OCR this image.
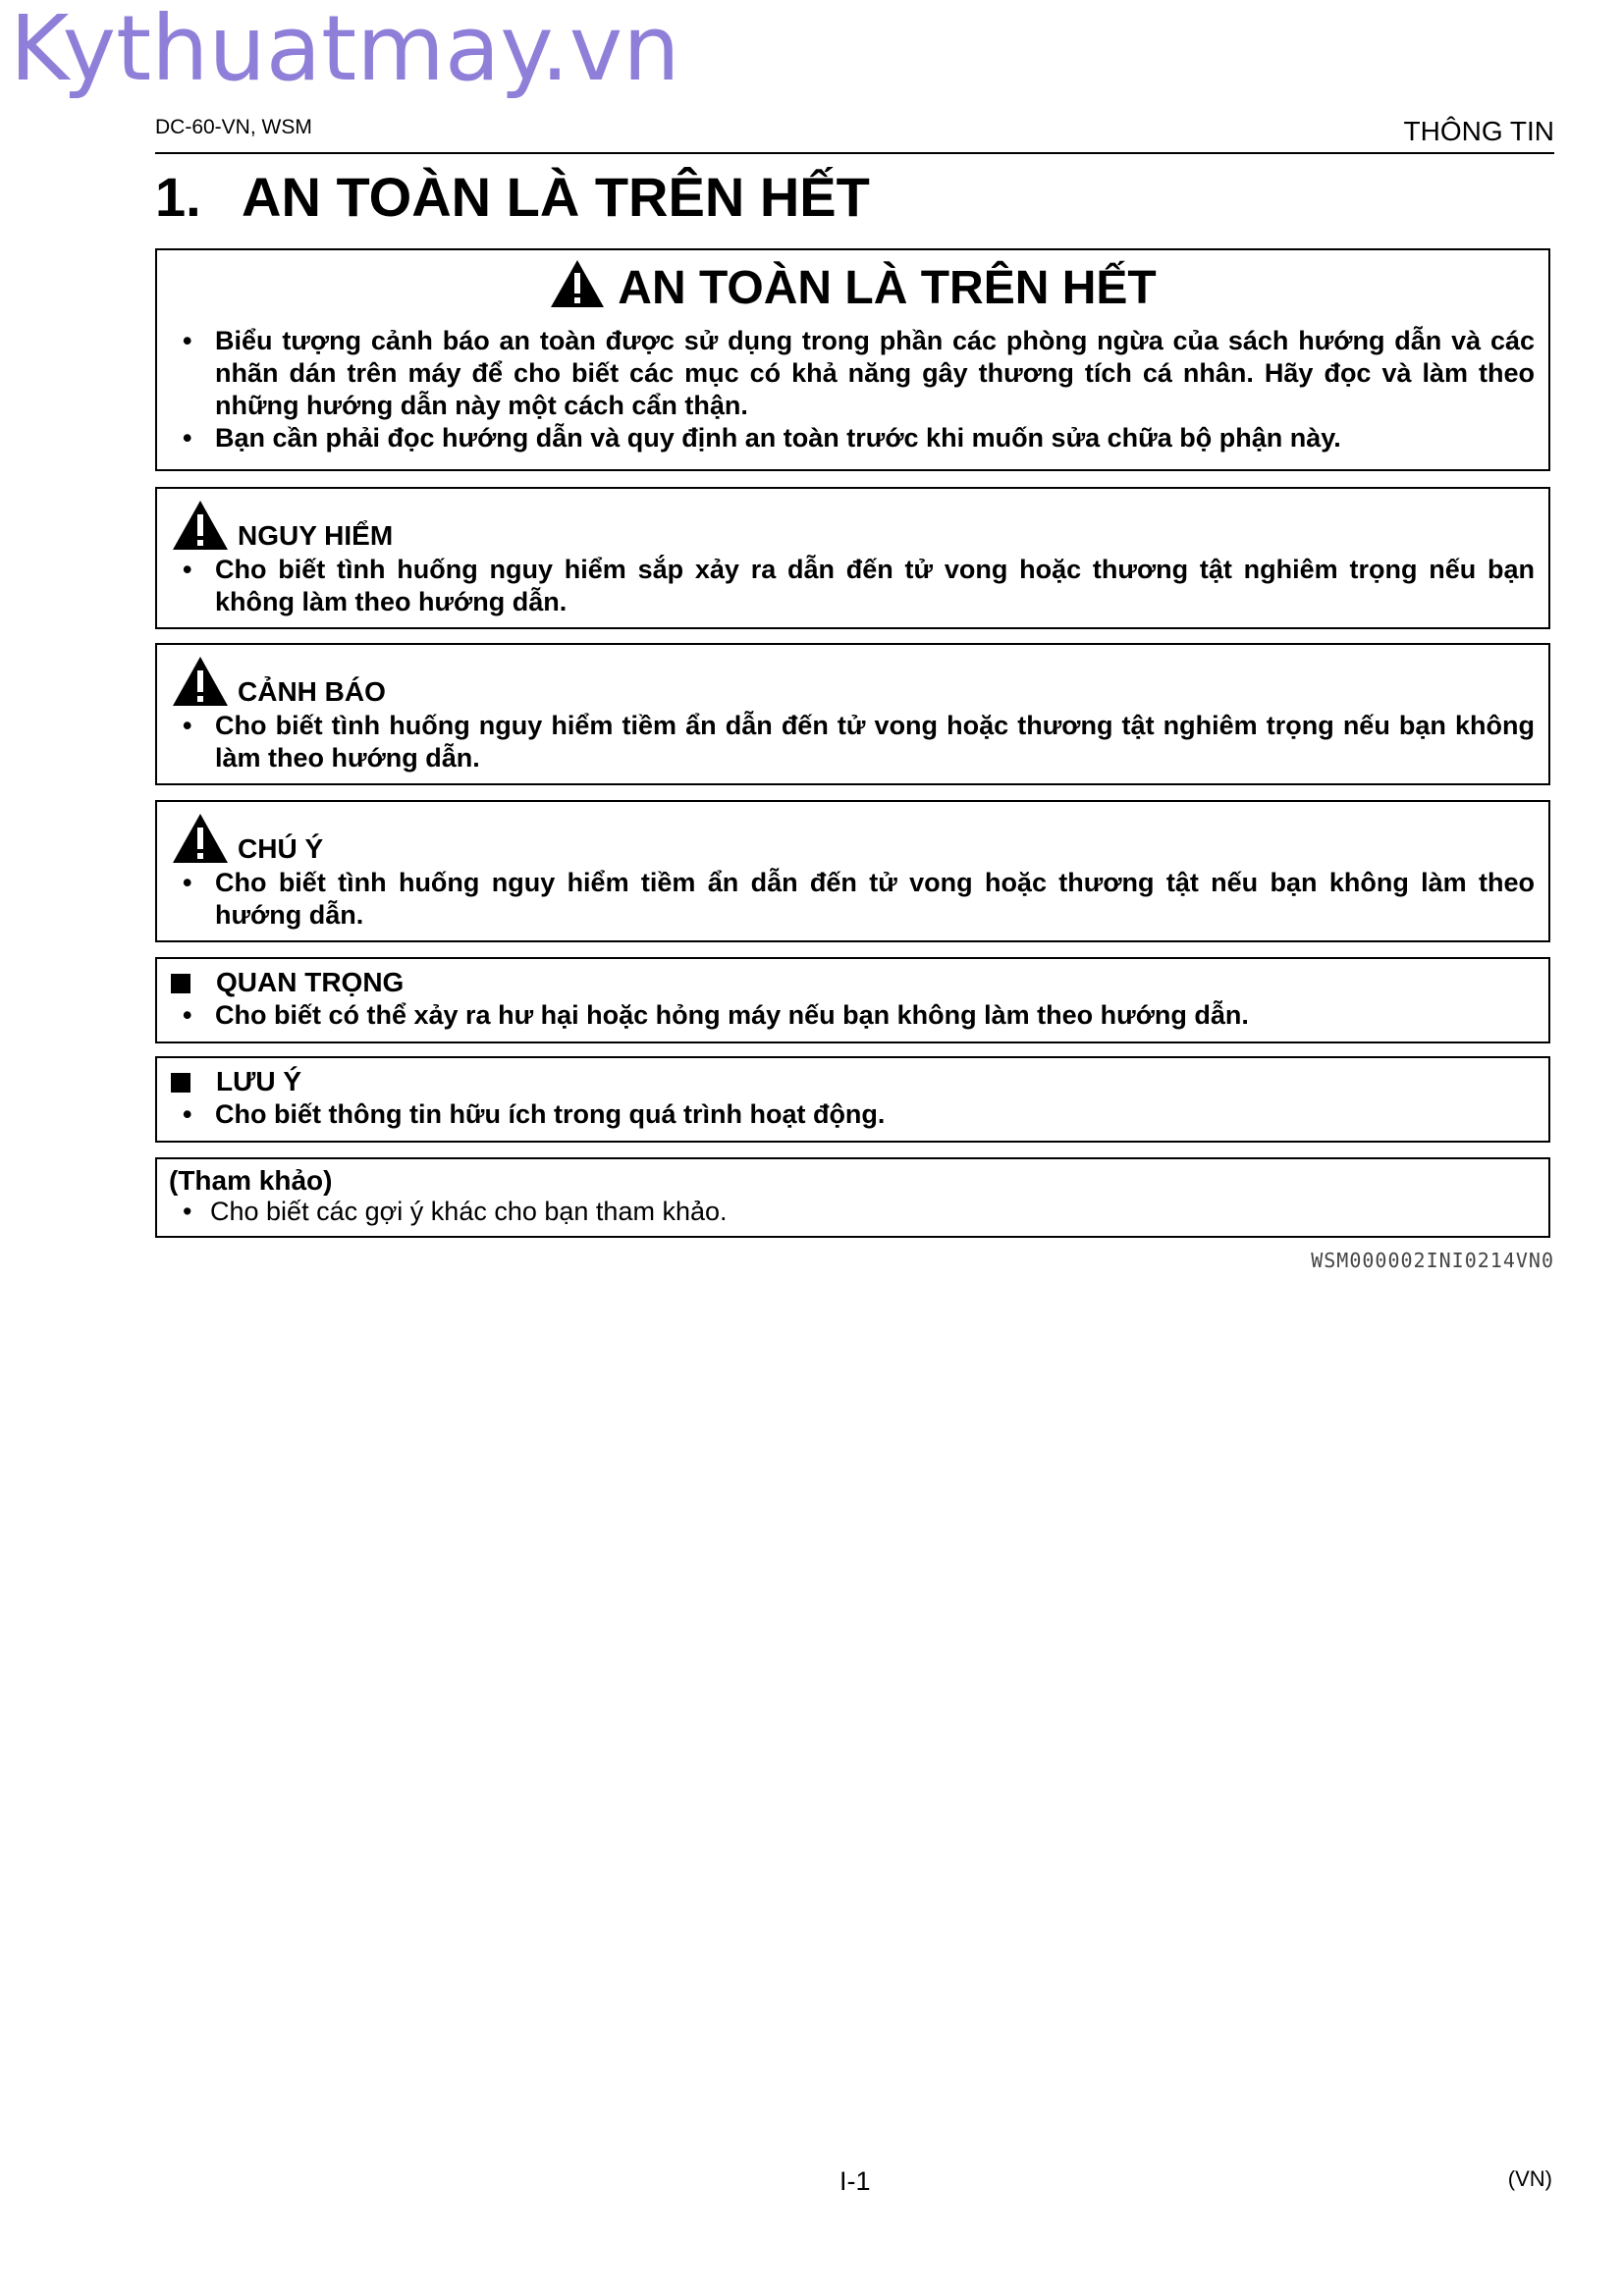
Kythuatmay.vn
DC-60-VN, WSM	THÔNG TIN
1. AN TOÀN LÀ TRÊN HẾT
AN TOÀN LÀ TRÊN HẾT
• Biểu tượng cảnh báo an toàn được sử dụng trong phần các phòng ngừa của sách hướng dẫn và các nhãn dán trên máy để cho biết các mục có khả năng gây thương tích cá nhân. Hãy đọc và làm theo những hướng dẫn này một cách cẩn thận.
• Bạn cần phải đọc hướng dẫn và quy định an toàn trước khi muốn sửa chữa bộ phận này.
NGUY HIỂM
• Cho biết tình huống nguy hiểm sắp xảy ra dẫn đến tử vong hoặc thương tật nghiêm trọng nếu bạn không làm theo hướng dẫn.
CẢNH BÁO
• Cho biết tình huống nguy hiểm tiềm ẩn dẫn đến tử vong hoặc thương tật nghiêm trọng nếu bạn không làm theo hướng dẫn.
CHÚ Ý
• Cho biết tình huống nguy hiểm tiềm ẩn dẫn đến tử vong hoặc thương tật nếu bạn không làm theo hướng dẫn.
QUAN TRỌNG
• Cho biết có thể xảy ra hư hại hoặc hỏng máy nếu bạn không làm theo hướng dẫn.
LƯU Ý
• Cho biết thông tin hữu ích trong quá trình hoạt động.
(Tham khảo)
• Cho biết các gợi ý khác cho bạn tham khảo.
WSM000002INI0214VN0
I-1	(VN)
